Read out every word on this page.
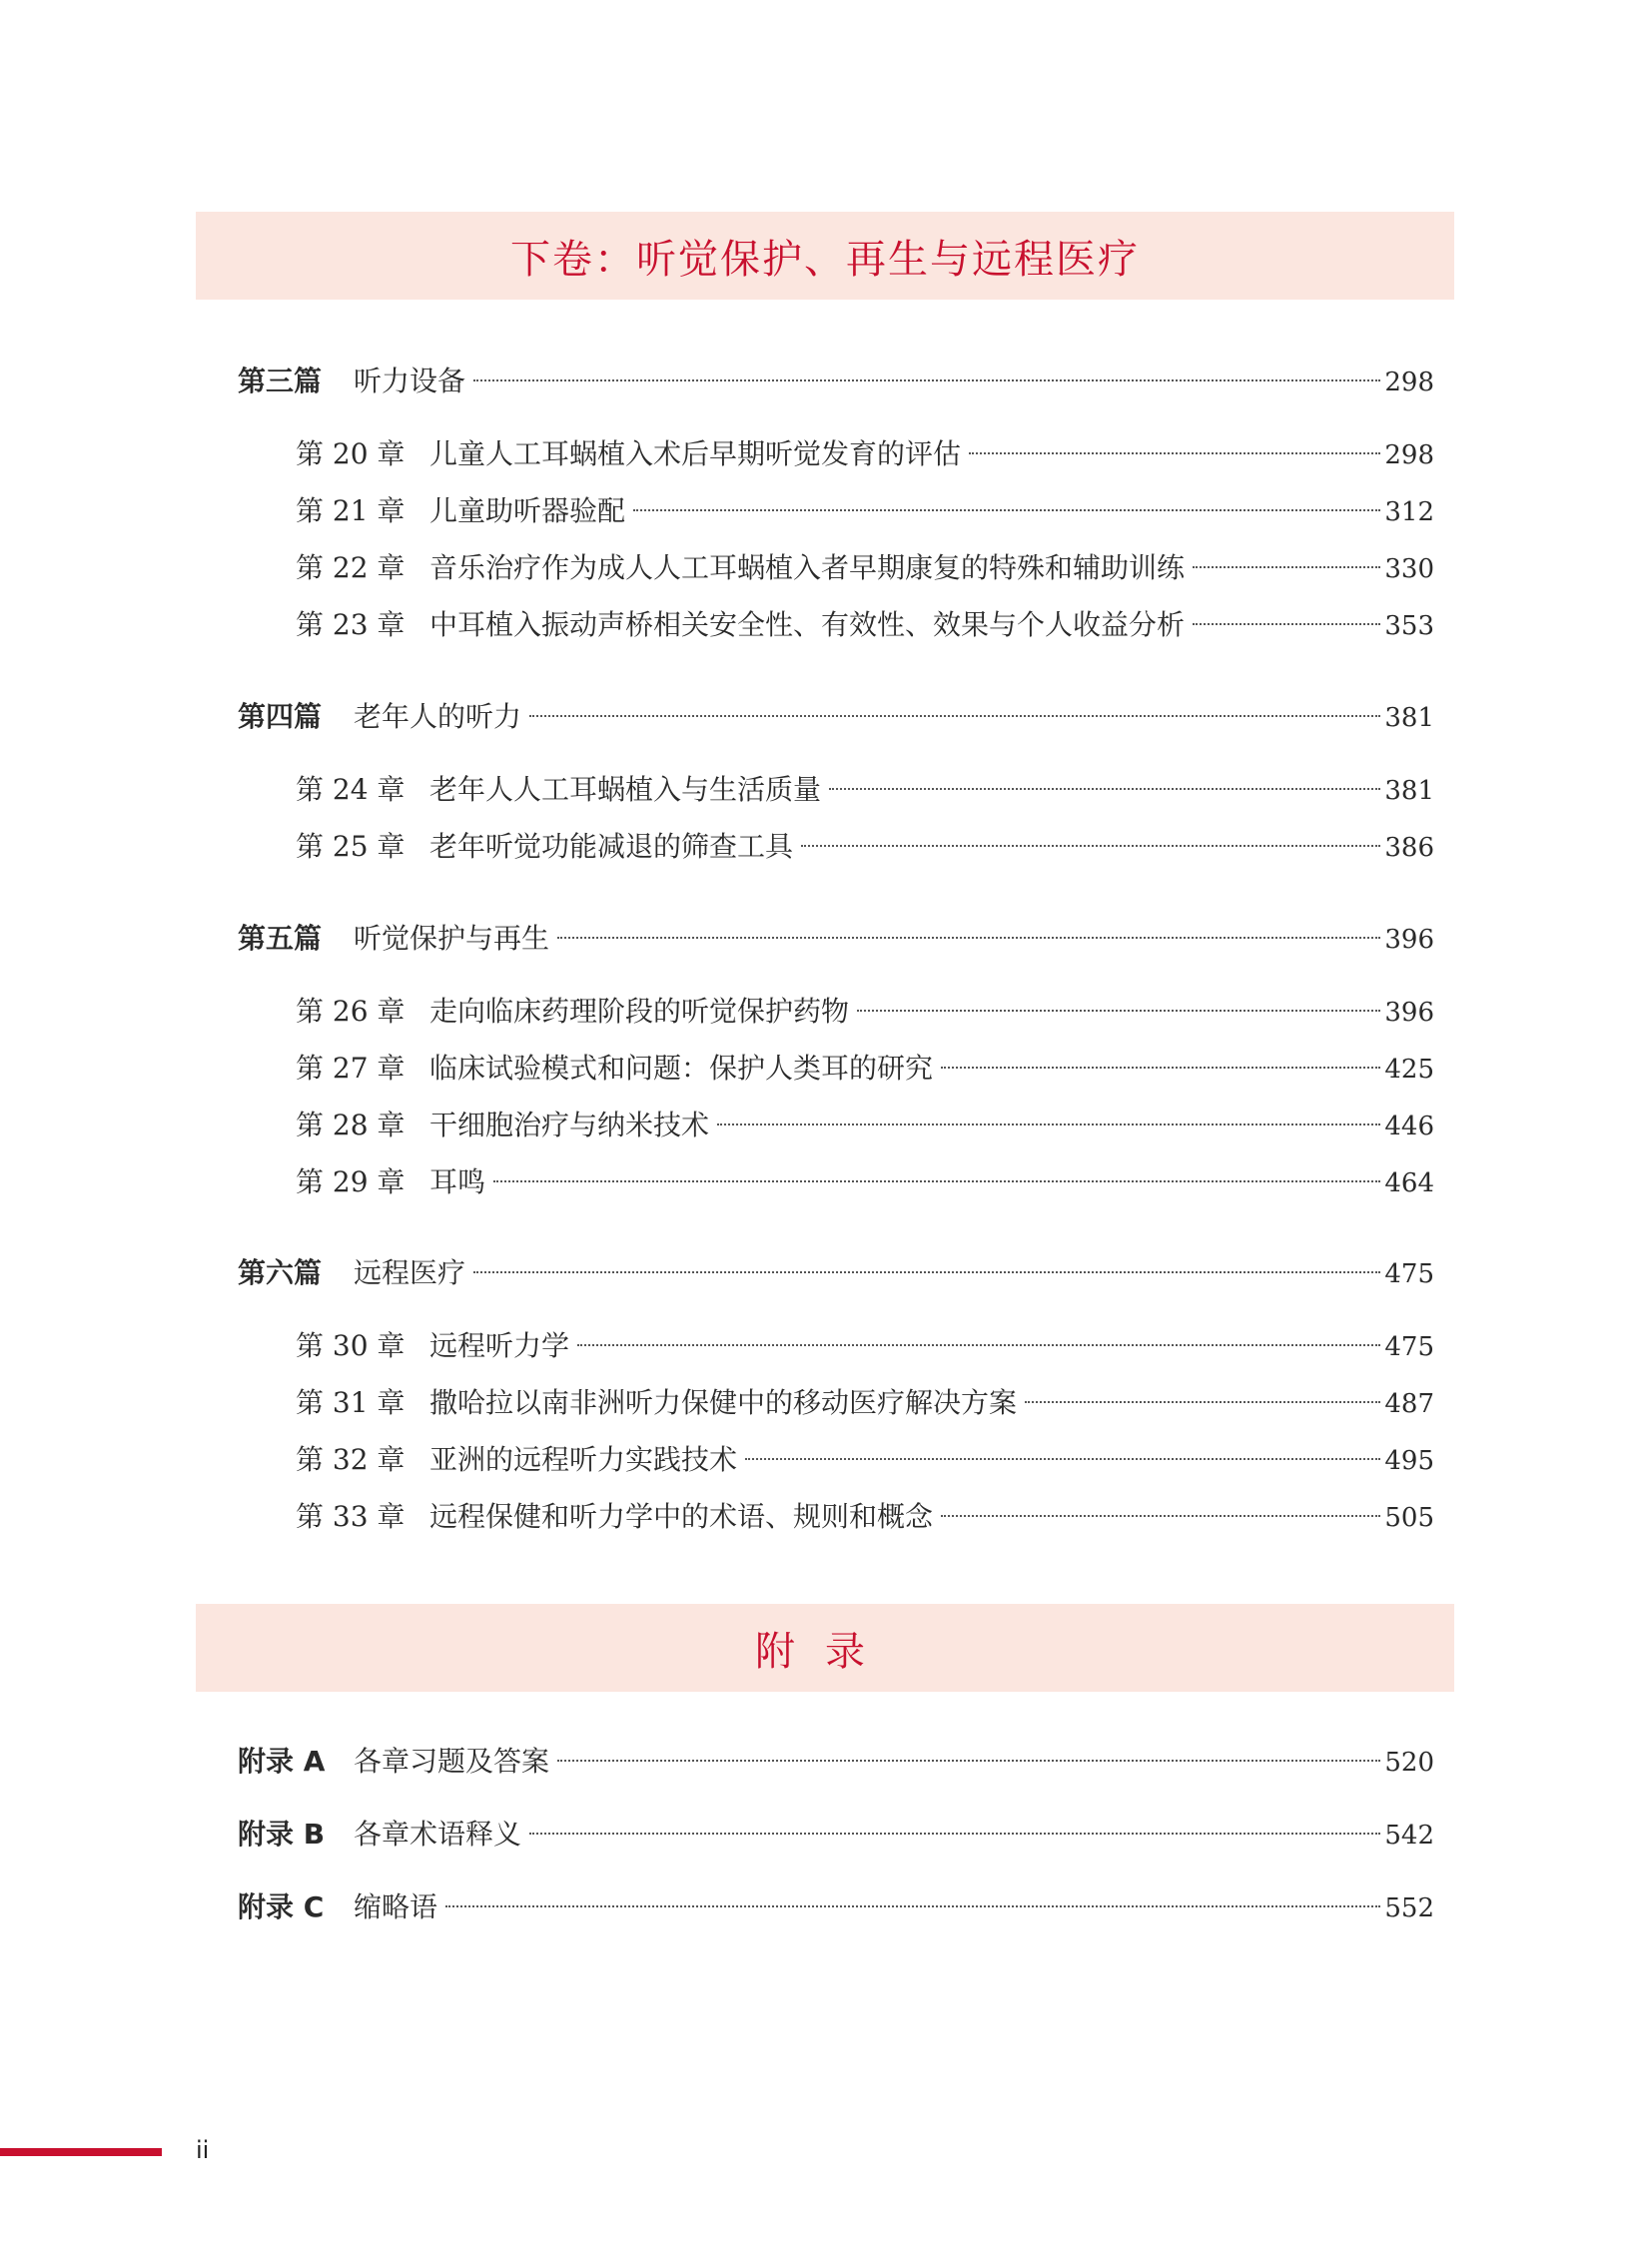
下卷：听觉保护、再生与远程医疗
第三篇	听力设备	298
第 20 章 儿童人工耳蜗植入术后早期听觉发育的评估	298
第 21 章 儿童助听器验配	312
第 22 章 音乐治疗作为成人人工耳蜗植入者早期康复的特殊和辅助训练	330
第 23 章 中耳植入振动声桥相关安全性、有效性、效果与个人收益分析	353
第四篇	老年人的听力	381
第 24 章 老年人人工耳蜗植入与生活质量	381
第 25 章 老年听觉功能减退的筛查工具	386
第五篇	听觉保护与再生	396
第 26 章 走向临床药理阶段的听觉保护药物	396
第 27 章 临床试验模式和问题：保护人类耳的研究	425
第 28 章 干细胞治疗与纳米技术	446
第 29 章 耳鸣	464
第六篇	远程医疗	475
第 30 章 远程听力学	475
第 31 章 撒哈拉以南非洲听力保健中的移动医疗解决方案	487
第 32 章 亚洲的远程听力实践技术	495
第 33 章 远程保健和听力学中的术语、规则和概念	505
附录
附录 A	各章习题及答案	520
附录 B	各章术语释义	542
附录 C	缩略语	552
ii
